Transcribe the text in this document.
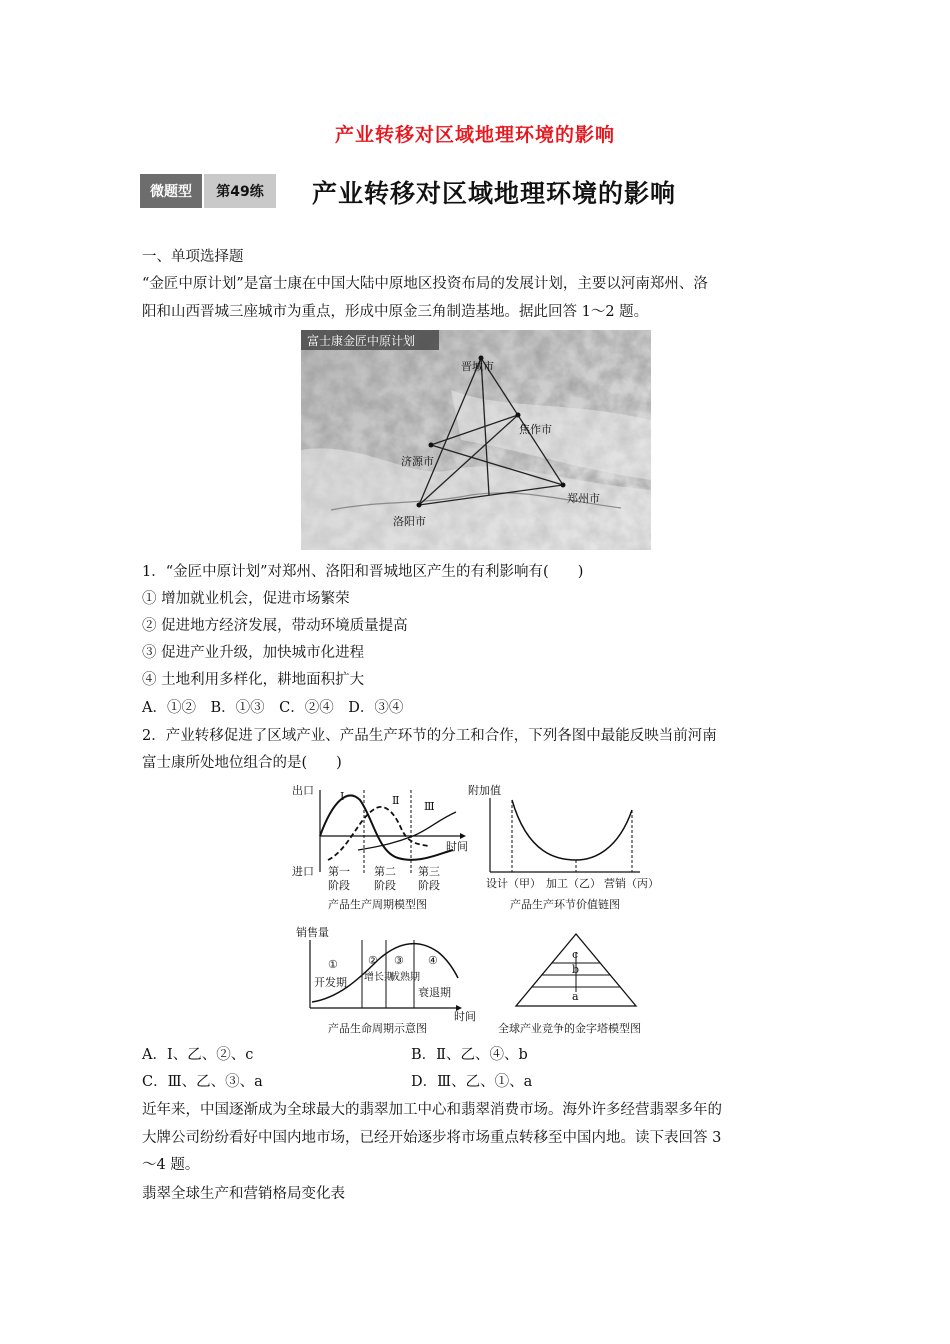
产业转移对区域地理环境的影响
微题型	第49练	产业转移对区域地理环境的影响
一、单项选择题
“金匠中原计划”是富士康在中国大陆中原地区投资布局的发展计划，主要以河南郑州、洛
阳和山西晋城三座城市为重点，形成中原金三角制造基地。据此回答 1～2 题。
富士康金匠中原计划
晋城市
焦作市
济源市
郑州市
洛阳市
1．“金匠中原计划”对郑州、洛阳和晋城地区产生的有利影响有(　　)
① 增加就业机会，促进市场繁荣
② 促进地方经济发展，带动环境质量提高
③ 促进产业升级，加快城市化进程
④ 土地利用多样化，耕地面积扩大
A．①②　B．①③　C．②④　D．③④
2．产业转移促进了区域产业、产品生产环节的分工和合作，下列各图中最能反映当前河南
富士康所处地位组合的是(　　)
出口
进口
时间
Ⅰ	Ⅱ Ⅲ
第一
阶段
第二
阶段
第三
阶段
产品生产周期模型图
附加值
设计（甲） 加工（乙） 营销（丙）
产品生产环节价值链图
销售量
时间
①
开发期
②
增长期
③
成熟期
④
衰退期
产品生命周期示意图
c
b
a
全球产业竞争的金字塔模型图
A．Ⅰ、乙、②、c	B．Ⅱ、乙、④、b
C．Ⅲ、乙、③、a	D．Ⅲ、乙、①、a
近年来，中国逐渐成为全球最大的翡翠加工中心和翡翠消费市场。海外许多经营翡翠多年的
大牌公司纷纷看好中国内地市场，已经开始逐步将市场重点转移至中国内地。读下表回答 3
～4 题。
翡翠全球生产和营销格局变化表
